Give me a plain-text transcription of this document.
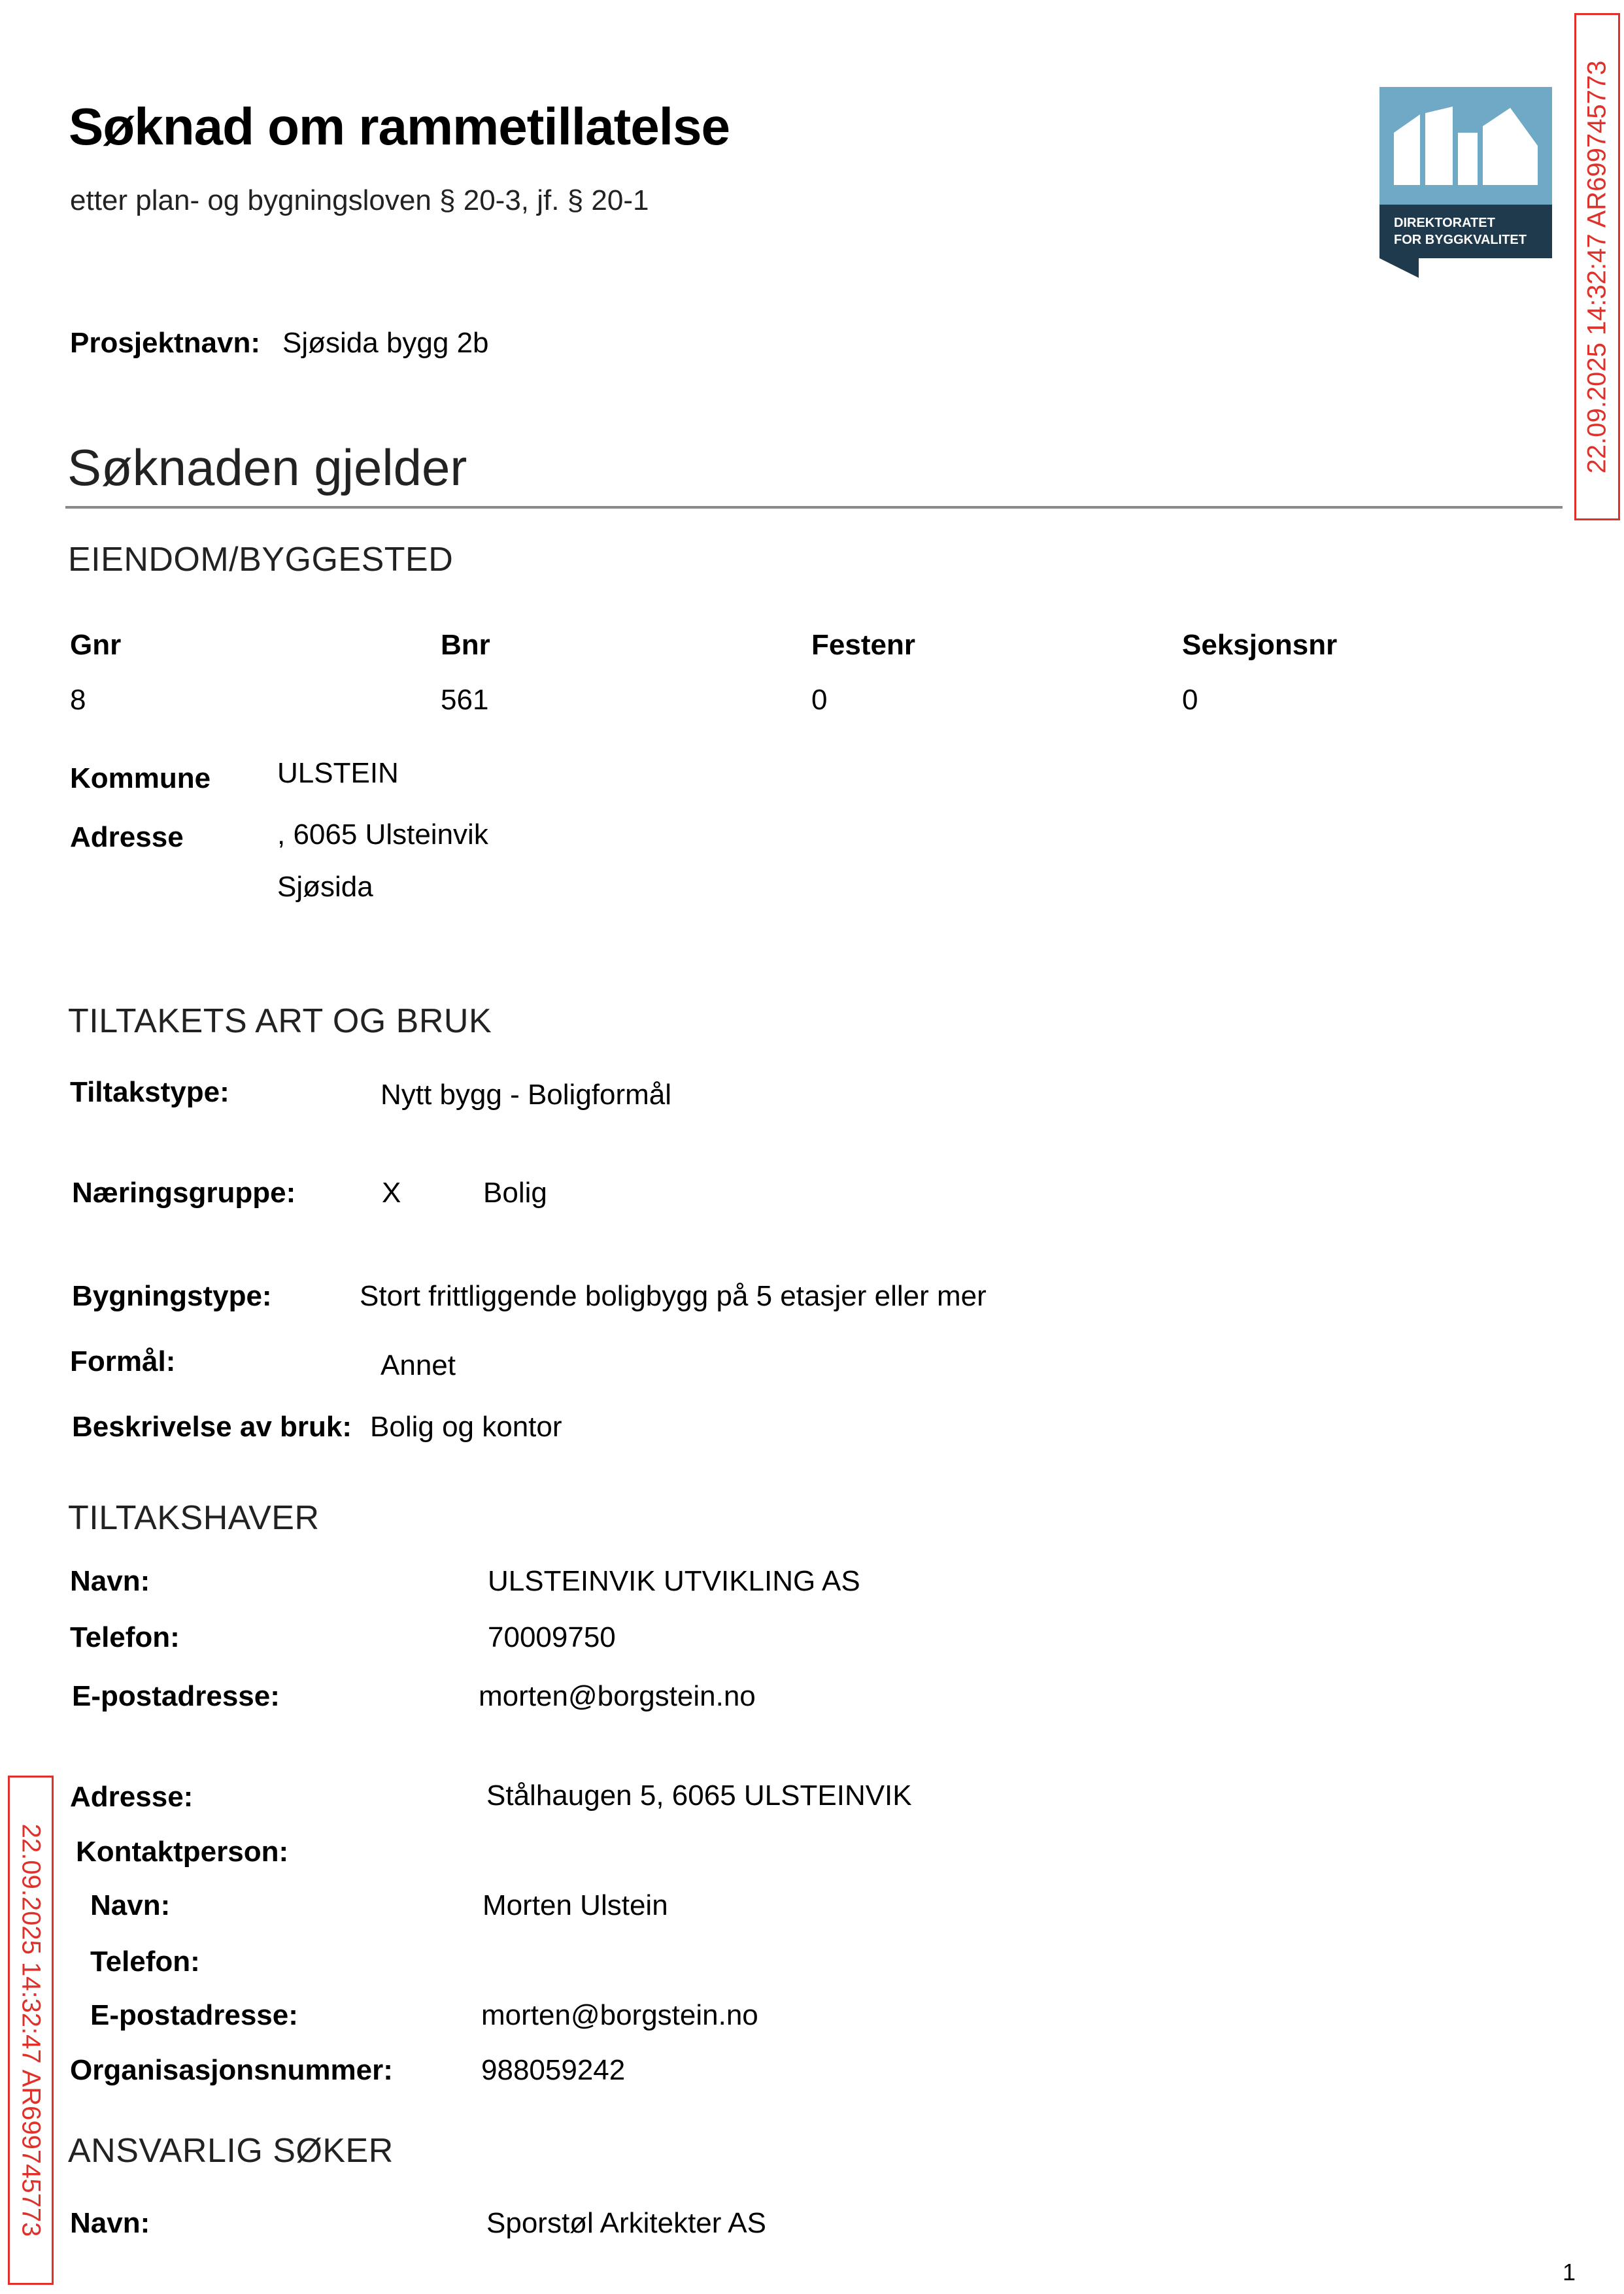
Søknad om rammetillatelse
etter plan- og bygningsloven § 20-3, jf. § 20-1
DIREKTORATET
FOR BYGGKVALITET 22.09.2025 14:32:47 AR699745773
22.09.2025 14:32:47 AR699745773
Prosjektnavn: Sjøsida bygg 2b
Søknaden gjelder
EIENDOM/BYGGESTED
Gnr	Bnr	Festenr	Seksjonsnr
8	561	0	0
Kommune ULSTEIN
Adresse	, 6065 Ulsteinvik
Sjøsida
TILTAKETS ART OG BRUK
Tiltakstype:	Nytt bygg - Boligformål
Næringsgruppe:	X	Bolig
Bygningstype:	Stort frittliggende boligbygg på 5 etasjer eller mer
Formål:	Annet
Beskrivelse av bruk: Bolig og kontor
TILTAKSHAVER
Navn:	ULSTEINVIK UTVIKLING AS
Telefon:	70009750
E-postadresse:	morten@borgstein.no
Adresse:	Stålhaugen 5, 6065 ULSTEINVIK
Kontaktperson:
Navn:	Morten Ulstein
Telefon:
E-postadresse:	morten@borgstein.no
Organisasjonsnummer:	988059242
ANSVARLIG SØKER
Navn:	Sporstøl Arkitekter AS
1
